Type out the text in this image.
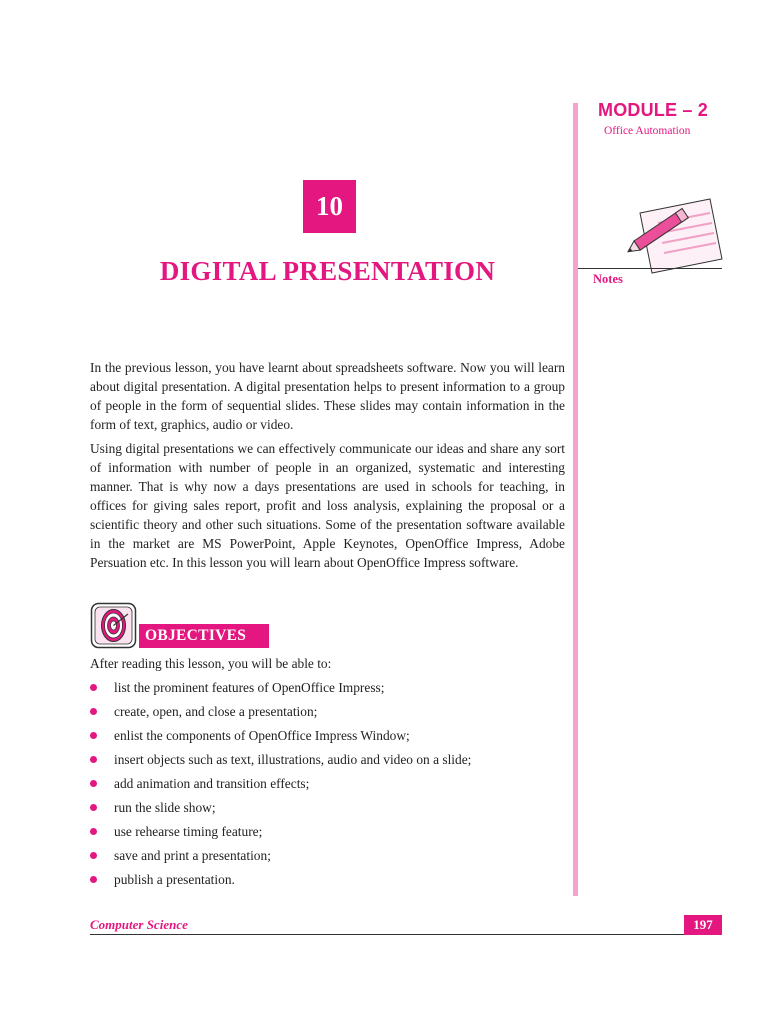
MODULE – 2
Office Automation
Notes
10
DIGITAL PRESENTATION
In the previous lesson, you have learnt about spreadsheets software. Now you will learn about digital presentation. A digital presentation helps to present information to a group of people in the form of sequential slides. These slides may contain information in the form of text, graphics, audio or video.
Using digital presentations we can effectively communicate our ideas and share any sort of information with number of people in an organized, systematic and interesting manner. That is why now a days presentations are used in schools for teaching, in offices for giving sales report, profit and loss analysis, explaining the proposal or a scientific theory and other such situations. Some of the presentation software available in the market are MS PowerPoint, Apple Keynotes, OpenOffice Impress, Adobe Persuation etc. In this lesson you will learn about OpenOffice Impress software.
OBJECTIVES
After reading this lesson, you will be able to:
list the prominent features of OpenOffice Impress;
create, open, and close a presentation;
enlist the components of OpenOffice Impress Window;
insert objects such as text, illustrations, audio and video on a slide;
add animation and transition effects;
run the slide show;
use rehearse timing feature;
save and print a presentation;
publish a presentation.
Computer Science	197
